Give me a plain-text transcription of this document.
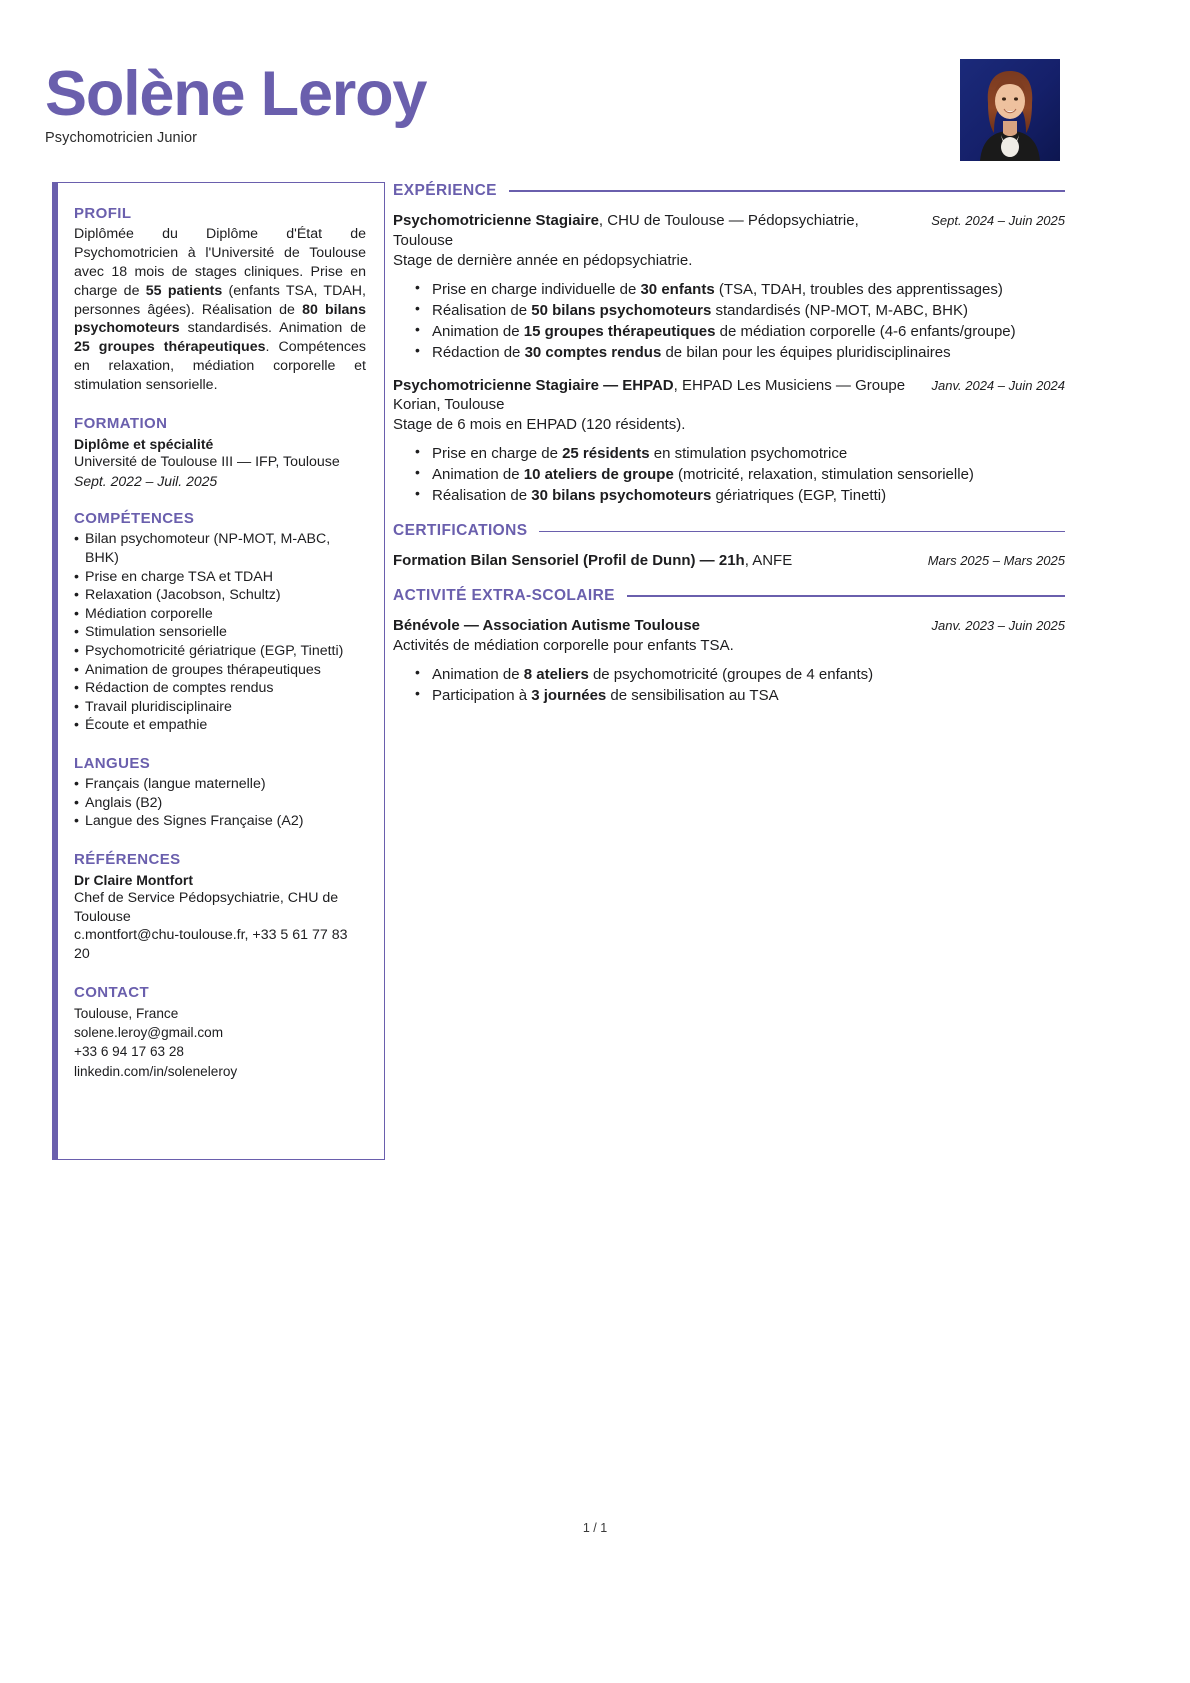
Solène Leroy
Psychomotricien Junior
PROFIL
Diplômée du Diplôme d'État de Psychomotricien à l'Université de Toulouse avec 18 mois de stages cliniques. Prise en charge de 55 patients (enfants TSA, TDAH, personnes âgées). Réalisation de 80 bilans psychomoteurs standardisés. Animation de 25 groupes thérapeutiques. Compétences en relaxation, médiation corporelle et stimulation sensorielle.
FORMATION
Diplôme et spécialité
Université de Toulouse III — IFP, Toulouse
Sept. 2022 – Juil. 2025
COMPÉTENCES
• Bilan psychomoteur (NP-MOT, M-ABC, BHK)
• Prise en charge TSA et TDAH
• Relaxation (Jacobson, Schultz)
• Médiation corporelle
• Stimulation sensorielle
• Psychomotricité gériatrique (EGP, Tinetti)
• Animation de groupes thérapeutiques
• Rédaction de comptes rendus
• Travail pluridisciplinaire
• Écoute et empathie
LANGUES
• Français (langue maternelle)
• Anglais (B2)
• Langue des Signes Française (A2)
RÉFÉRENCES
Dr Claire Montfort
Chef de Service Pédopsychiatrie, CHU de Toulouse
c.montfort@chu-toulouse.fr, +33 5 61 77 83 20
CONTACT
Toulouse, France
solene.leroy@gmail.com
+33 6 94 17 63 28
linkedin.com/in/soleneleroy
EXPÉRIENCE
Psychomotricienne Stagiaire, CHU de Toulouse — Pédopsychiatrie, Toulouse
Sept. 2024 – Juin 2025
Stage de dernière année en pédopsychiatrie.
• Prise en charge individuelle de 30 enfants (TSA, TDAH, troubles des apprentissages)
• Réalisation de 50 bilans psychomoteurs standardisés (NP-MOT, M-ABC, BHK)
• Animation de 15 groupes thérapeutiques de médiation corporelle (4-6 enfants/groupe)
• Rédaction de 30 comptes rendus de bilan pour les équipes pluridisciplinaires
Psychomotricienne Stagiaire — EHPAD, EHPAD Les Musiciens — Groupe Korian, Toulouse
Janv. 2024 – Juin 2024
Stage de 6 mois en EHPAD (120 résidents).
• Prise en charge de 25 résidents en stimulation psychomotrice
• Animation de 10 ateliers de groupe (motricité, relaxation, stimulation sensorielle)
• Réalisation de 30 bilans psychomoteurs gériatriques (EGP, Tinetti)
CERTIFICATIONS
Formation Bilan Sensoriel (Profil de Dunn) — 21h, ANFE	Mars 2025 – Mars 2025
ACTIVITÉ EXTRA-SCOLAIRE
Bénévole — Association Autisme Toulouse	Janv. 2023 – Juin 2025
Activités de médiation corporelle pour enfants TSA.
• Animation de 8 ateliers de psychomotricité (groupes de 4 enfants)
• Participation à 3 journées de sensibilisation au TSA
1 / 1
